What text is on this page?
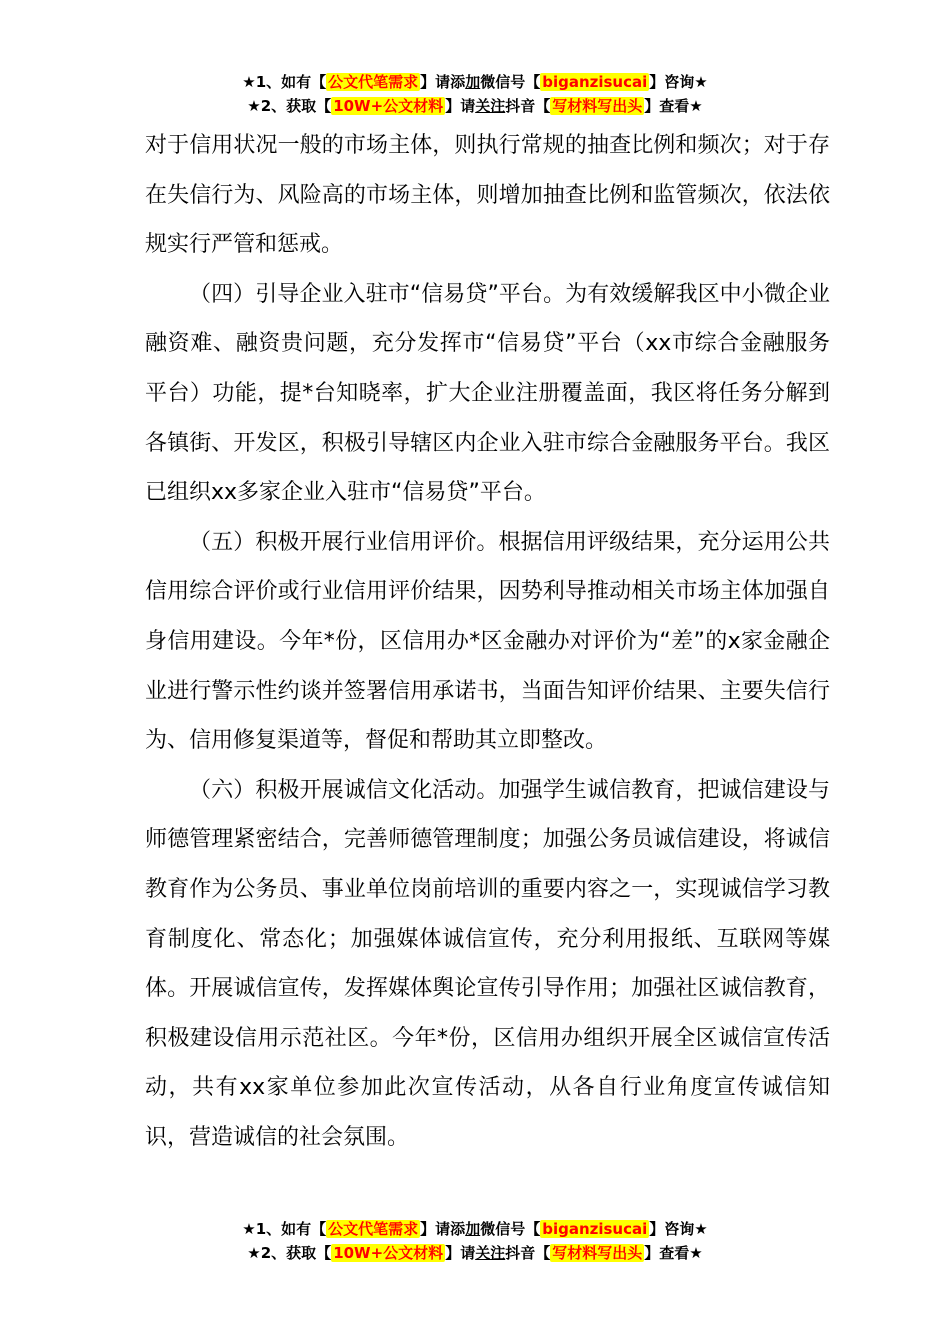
★1、如有【 公文代笔需求 】请添加微信号【 biganzisucai 】咨询★
★2、获取【 10W+公文材料 】请关注抖音【 写材料写出头 】查看★

对于信用状况一般的市场主体，则执行常规的抽查比例和频次；对于存在失信行为、风险高的市场主体，则增加抽查比例和监管频次，依法依规实行严管和惩戒。

（四）引导企业入驻市“信易贷”平台。为有效缓解我区中小微企业融资难、融资贵问题，充分发挥市“信易贷”平台（xx市综合金融服务平台）功能，提*台知晓率，扩大企业注册覆盖面，我区将任务分解到各镇街、开发区，积极引导辖区内企业入驻市综合金融服务平台。我区已组织xx多家企业入驻市“信易贷”平台。

（五）积极开展行业信用评价。根据信用评级结果，充分运用公共信用综合评价或行业信用评价结果，因势利导推动相关市场主体加强自身信用建设。今年*份，区信用办*区金融办对评价为“差”的x家金融企业进行警示性约谈并签署信用承诺书，当面告知评价结果、主要失信行为、信用修复渠道等，督促和帮助其立即整改。

（六）积极开展诚信文化活动。加强学生诚信教育，把诚信建设与师德管理紧密结合，完善师德管理制度；加强公务员诚信建设，将诚信教育作为公务员、事业单位岗前培训的重要内容之一，实现诚信学习教育制度化、常态化；加强媒体诚信宣传，充分利用报纸、互联网等媒体。开展诚信宣传，发挥媒体舆论宣传引导作用；加强社区诚信教育，积极建设信用示范社区。今年*份，区信用办组织开展全区诚信宣传活动，共有xx家单位参加此次宣传活动，从各自行业角度宣传诚信知识，营造诚信的社会氛围。

★1、如有【 公文代笔需求 】请添加微信号【 biganzisucai 】咨询★
★2、获取【 10W+公文材料 】请关注抖音【 写材料写出头 】查看★
